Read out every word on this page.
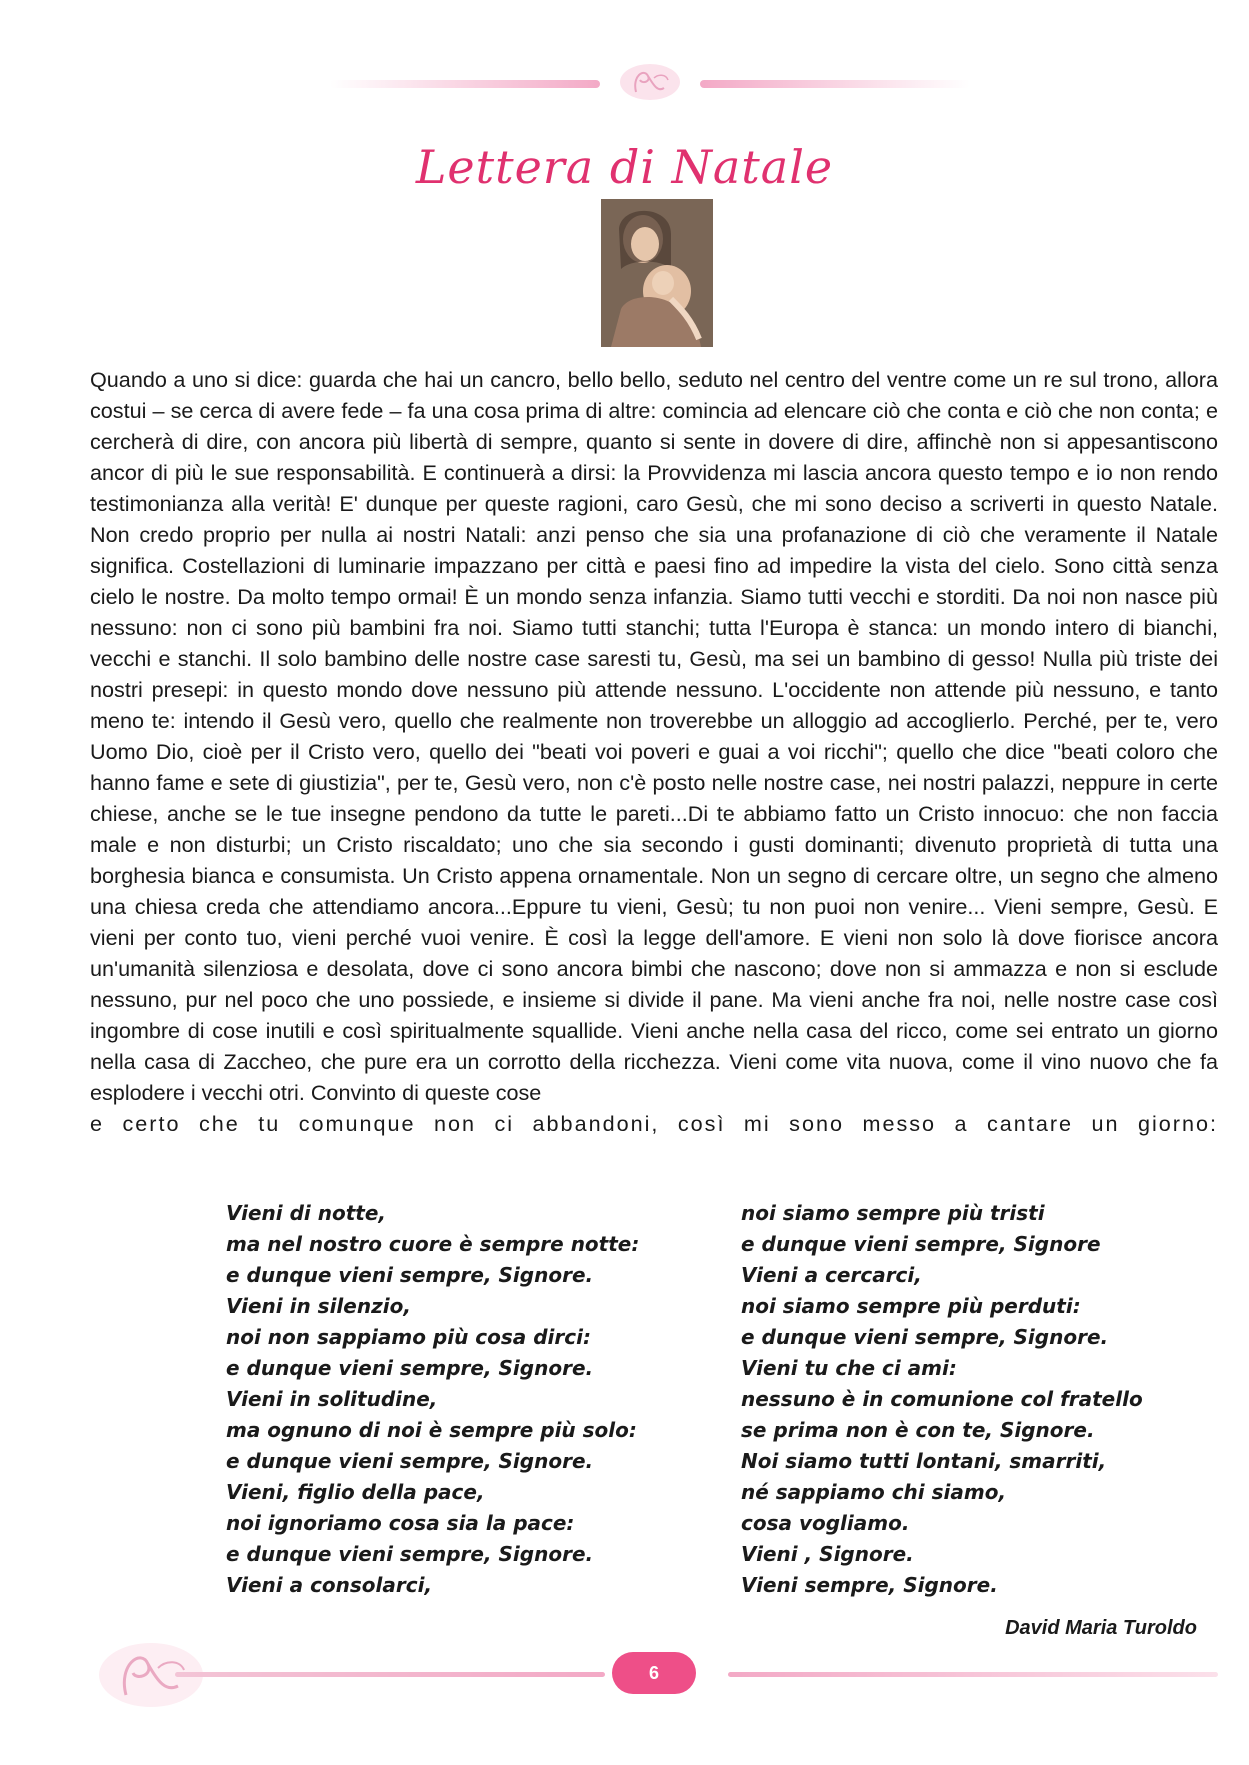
Lettera di Natale

Quando a uno si dice: guarda che hai un cancro, bello bello, seduto nel centro del ventre come un re sul trono, allora costui – se cerca di avere fede – fa una cosa prima di altre: comincia ad elencare ciò che conta e ciò che non conta; e cercherà di dire, con ancora più libertà di sempre, quanto si sente in dovere di dire, affinchè non si appesantiscono ancor di più le sue responsabilità. E continuerà a dirsi: la Provvidenza mi lascia ancora questo tempo e io non rendo testimonianza alla verità! E' dunque per queste ragioni, caro Gesù, che mi sono deciso a scriverti in questo Natale. Non credo proprio per nulla ai nostri Natali: anzi penso che sia una profanazione di ciò che veramente il Natale significa. Costellazioni di luminarie impazzano per città e paesi fino ad impedire la vista del cielo. Sono città senza cielo le nostre. Da molto tempo ormai! È un mondo senza infanzia. Siamo tutti vecchi e storditi. Da noi non nasce più nessuno: non ci sono più bambini fra noi. Siamo tutti stanchi; tutta l'Europa è stanca: un mondo intero di bianchi, vecchi e stanchi. Il solo bambino delle nostre case saresti tu, Gesù, ma sei un bambino di gesso! Nulla più triste dei nostri presepi: in questo mondo dove nessuno più attende nessuno. L'occidente non attende più nessuno, e tanto meno te: intendo il Gesù vero, quello che realmente non troverebbe un alloggio ad accoglierlo. Perché, per te, vero Uomo Dio, cioè per il Cristo vero, quello dei "beati voi poveri e guai a voi ricchi"; quello che dice "beati coloro che hanno fame e sete di giustizia", per te, Gesù vero, non c'è posto nelle nostre case, nei nostri palazzi, neppure in certe chiese, anche se le tue insegne pendono da tutte le pareti...Di te abbiamo fatto un Cristo innocuo: che non faccia male e non disturbi; un Cristo riscaldato; uno che sia secondo i gusti dominanti; divenuto proprietà di tutta una borghesia bianca e consumista. Un Cristo appena ornamentale. Non un segno di cercare oltre, un segno che almeno una chiesa creda che attendiamo ancora...Eppure tu vieni, Gesù; tu non puoi non venire... Vieni sempre, Gesù. E vieni per conto tuo, vieni perché vuoi venire. È così la legge dell'amore. E vieni non solo là dove fiorisce ancora un'umanità silenziosa e desolata, dove ci sono ancora bimbi che nascono; dove non si ammazza e non si esclude nessuno, pur nel poco che uno possiede, e insieme si divide il pane. Ma vieni anche fra noi, nelle nostre case così ingombre di cose inutili e così spiritualmente squallide. Vieni anche nella casa del ricco, come sei entrato un giorno nella casa di Zaccheo, che pure era un corrotto della ricchezza. Vieni come vita nuova, come il vino nuovo che fa esplodere i vecchi otri. Convinto di queste cose
e certo che tu comunque non ci abbandoni, così mi sono messo a cantare un giorno:

Vieni di notte,
ma nel nostro cuore è sempre notte:
e dunque vieni sempre, Signore.
Vieni in silenzio,
noi non sappiamo più cosa dirci:
e dunque vieni sempre, Signore.
Vieni in solitudine,
ma ognuno di noi è sempre più solo:
e dunque vieni sempre, Signore.
Vieni, figlio della pace,
noi ignoriamo cosa sia la pace:
e dunque vieni sempre, Signore.
Vieni a consolarci,
noi siamo sempre più tristi
e dunque vieni sempre, Signore
Vieni a cercarci,
noi siamo sempre più perduti:
e dunque vieni sempre, Signore.
Vieni tu che ci ami:
nessuno è in comunione col fratello
se prima non è con te, Signore.
Noi siamo tutti lontani, smarriti,
né sappiamo chi siamo,
cosa vogliamo.
Vieni , Signore.
Vieni sempre, Signore.
David Maria Turoldo
6
